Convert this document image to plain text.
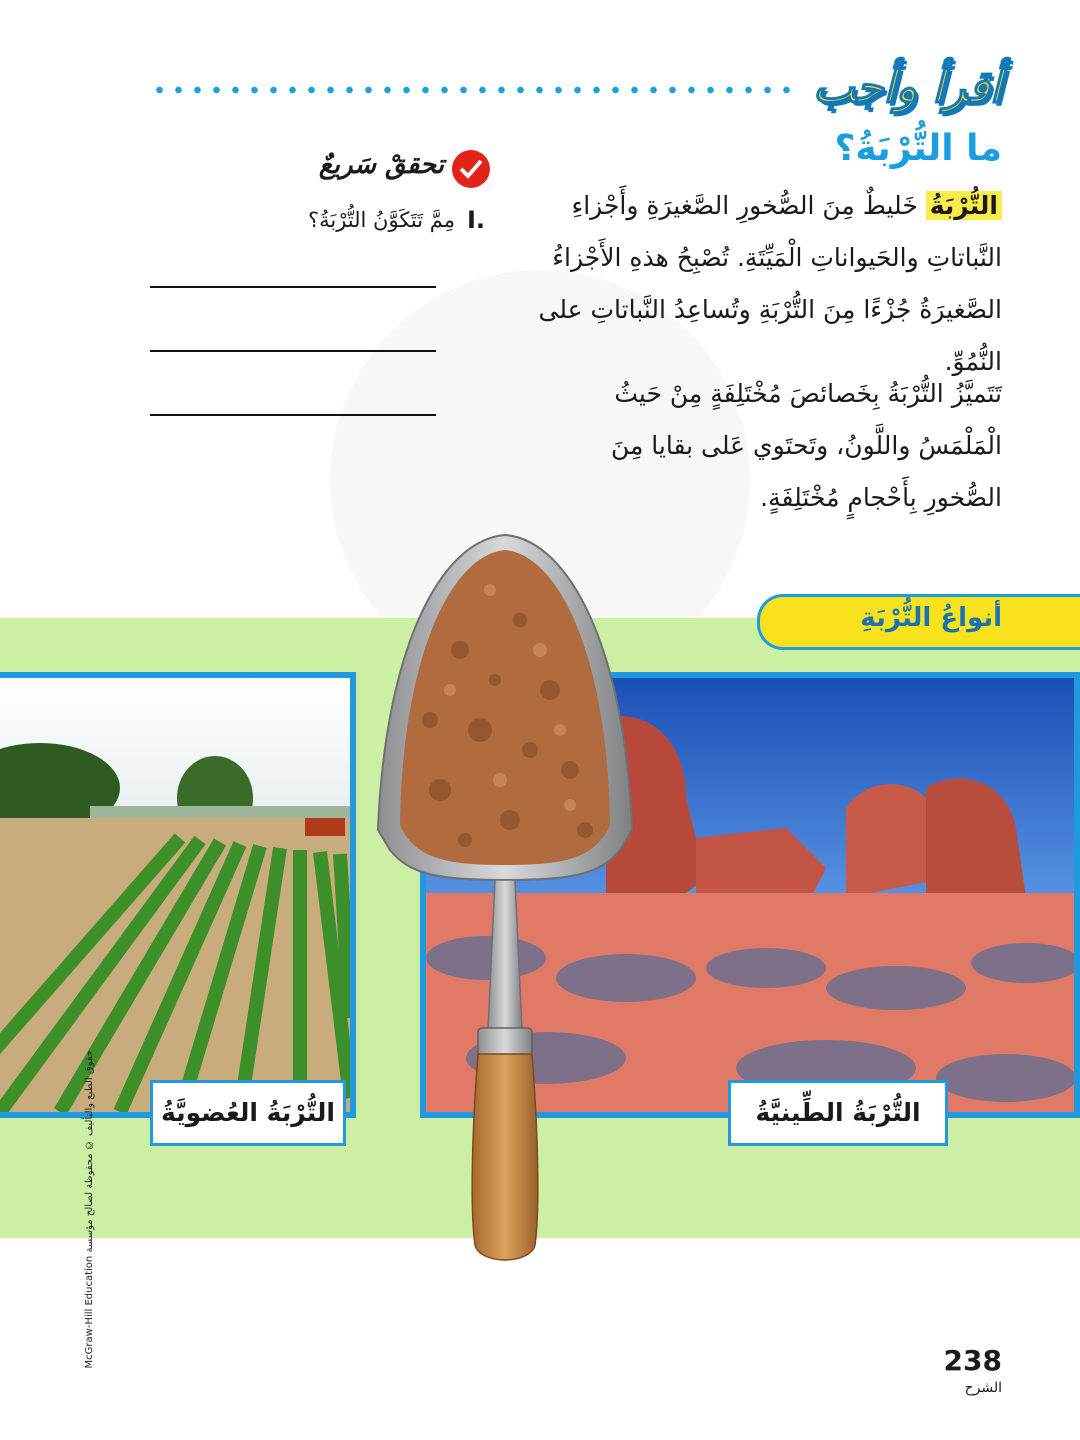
أقرأ وأجب
ما التُّرْبَةُ؟
التُّرْبَةُ خَليطٌ مِنَ الصُّخورِ الصَّغيرَةِ وأَجْزاءِ النَّباتاتِ والحَيواناتِ الْمَيِّتَةِ. تُصْبِحُ هذهِ الأَجْزاءُ الصَّغيرَةُ جُزْءًا مِنَ التُّرْبَةِ وتُساعِدُ النَّباتاتِ على النُّمُوِّ.
تَتَميَّزُ التُّرْبَةُ بِخَصائصَ مُخْتَلِفَةٍ مِنْ حَيثُ الْمَلْمَسُ واللَّونُ، وتَحتَوي عَلى بقايا مِنَ الصُّخورِ بِأَحْجامٍ مُخْتَلِفَةٍ.
تحققْ سَريعٌ
I.
مِمَّ تَتَكَوَّنُ التُّرْبَةُ؟
أنواعُ التُّرْبَةِ
التُّرْبَةُ العُضويَّةُ	التُّرْبَةُ الطِّينيَّةُ
حقوق الطبع والتأليف © محفوظة لصالح مؤسسة McGraw-Hill Education
238
الشرح
